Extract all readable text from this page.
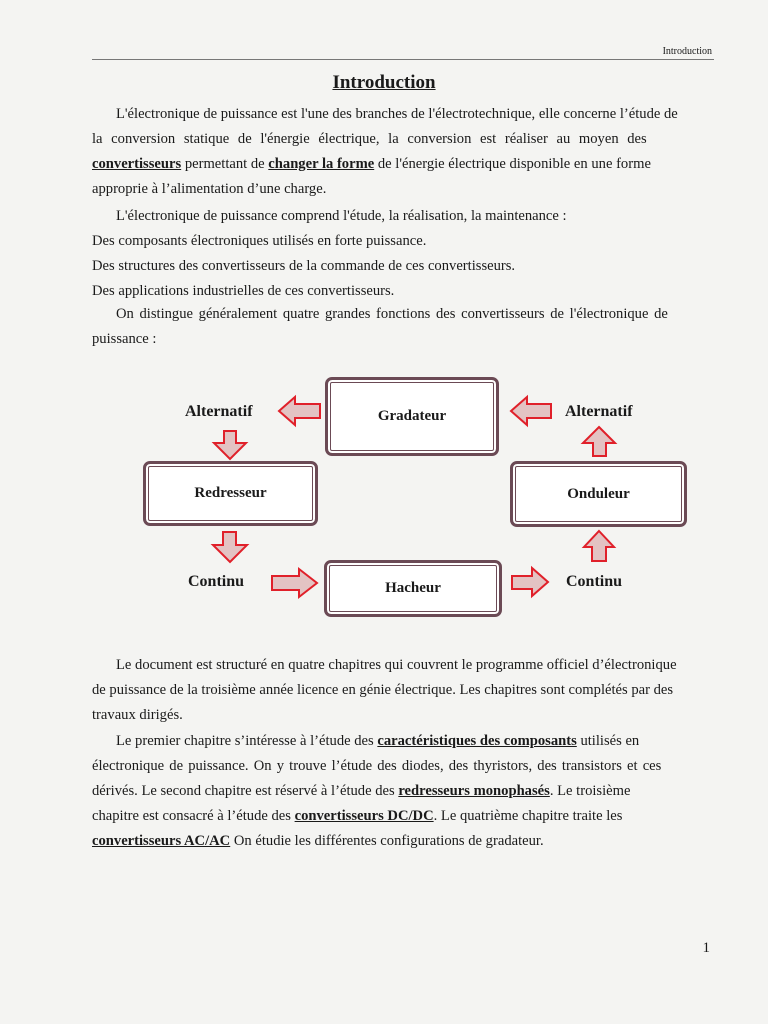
Introduction
Introduction
L'électronique de puissance est l'une des branches de l'électrotechnique, elle concerne l’étude de
la conversion statique de l'énergie électrique, la conversion est réaliser au moyen des
convertisseurs permettant de changer la forme de l'énergie électrique disponible en une forme
approprie à l’alimentation d’une charge.
L'électronique de puissance comprend l'étude, la réalisation, la maintenance :
Des composants électroniques utilisés en forte puissance.
Des structures des convertisseurs de la commande de ces convertisseurs.
Des applications industrielles de ces convertisseurs.
On distingue généralement quatre grandes fonctions des convertisseurs de l'électronique de
puissance :
Gradateur
Redresseur	Onduleur
Hacheur
Alternatif	Alternatif
Continu	Continu
Le document est structuré en quatre chapitres qui couvrent le programme officiel d’électronique
de puissance de la troisième année licence en génie électrique. Les chapitres sont complétés par des
travaux dirigés.
Le premier chapitre s’intéresse à l’étude des caractéristiques des composants utilisés en
électronique de puissance. On y trouve l’étude des diodes, des thyristors, des transistors et ces
dérivés. Le second chapitre est réservé à l’étude des redresseurs monophasés. Le troisième
chapitre est consacré à l’étude des convertisseurs DC/DC. Le quatrième chapitre traite les
convertisseurs AC/AC On étudie les différentes configurations de gradateur.
1
